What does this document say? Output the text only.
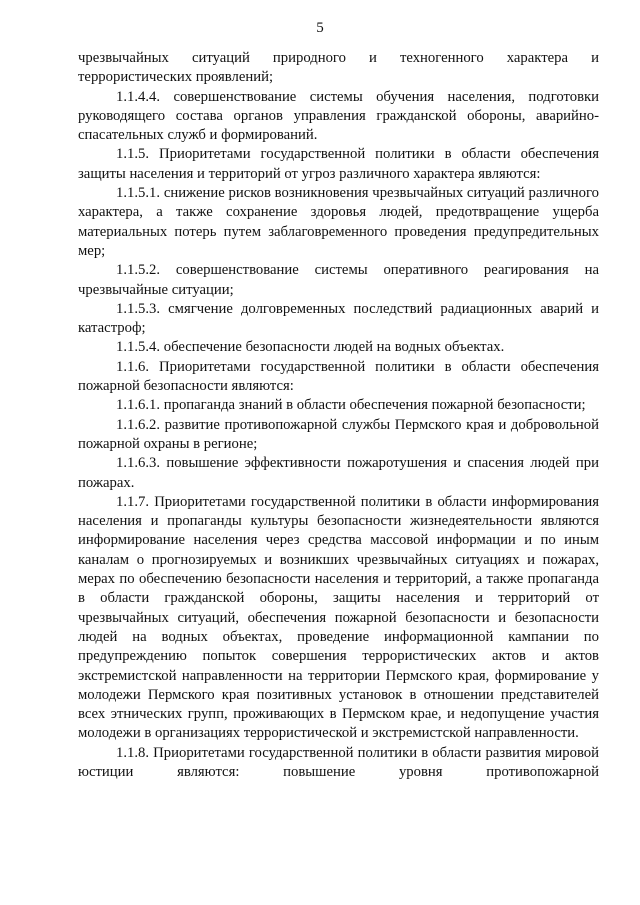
5

чрезвычайных ситуаций природного и техногенного характера и террористических проявлений;

1.1.4.4. совершенствование системы обучения населения, подготовки руководящего состава органов управления гражданской обороны, аварийно-спасательных служб и формирований.

1.1.5. Приоритетами государственной политики в области обеспечения защиты населения и территорий от угроз различного характера являются:

1.1.5.1. снижение рисков возникновения чрезвычайных ситуаций различного характера, а также сохранение здоровья людей, предотвращение ущерба материальных потерь путем заблаговременного проведения предупредительных мер;

1.1.5.2. совершенствование системы оперативного реагирования на чрезвычайные ситуации;

1.1.5.3. смягчение долговременных последствий радиационных аварий и катастроф;

1.1.5.4. обеспечение безопасности людей на водных объектах.

1.1.6. Приоритетами государственной политики в области обеспечения пожарной безопасности являются:

1.1.6.1. пропаганда знаний в области обеспечения пожарной безопасности;

1.1.6.2. развитие противопожарной службы Пермского края и добровольной пожарной охраны в регионе;

1.1.6.3. повышение эффективности пожаротушения и спасения людей при пожарах.

1.1.7. Приоритетами государственной политики в области информирования населения и пропаганды культуры безопасности жизнедеятельности являются информирование населения через средства массовой информации и по иным каналам о прогнозируемых и возникших чрезвычайных ситуациях и пожарах, мерах по обеспечению безопасности населения и территорий, а также пропаганда в области гражданской обороны, защиты населения и территорий от чрезвычайных ситуаций, обеспечения пожарной безопасности и безопасности людей на водных объектах, проведение информационной кампании по предупреждению попыток совершения террористических актов и актов экстремистской направленности на территории Пермского края, формирование у молодежи Пермского края позитивных установок в отношении представителей всех этнических групп, проживающих в Пермском крае, и недопущение участия молодежи в организациях террористической и экстремистской направленности.

1.1.8. Приоритетами государственной политики в области развития мировой юстиции являются: повышение уровня противопожарной
